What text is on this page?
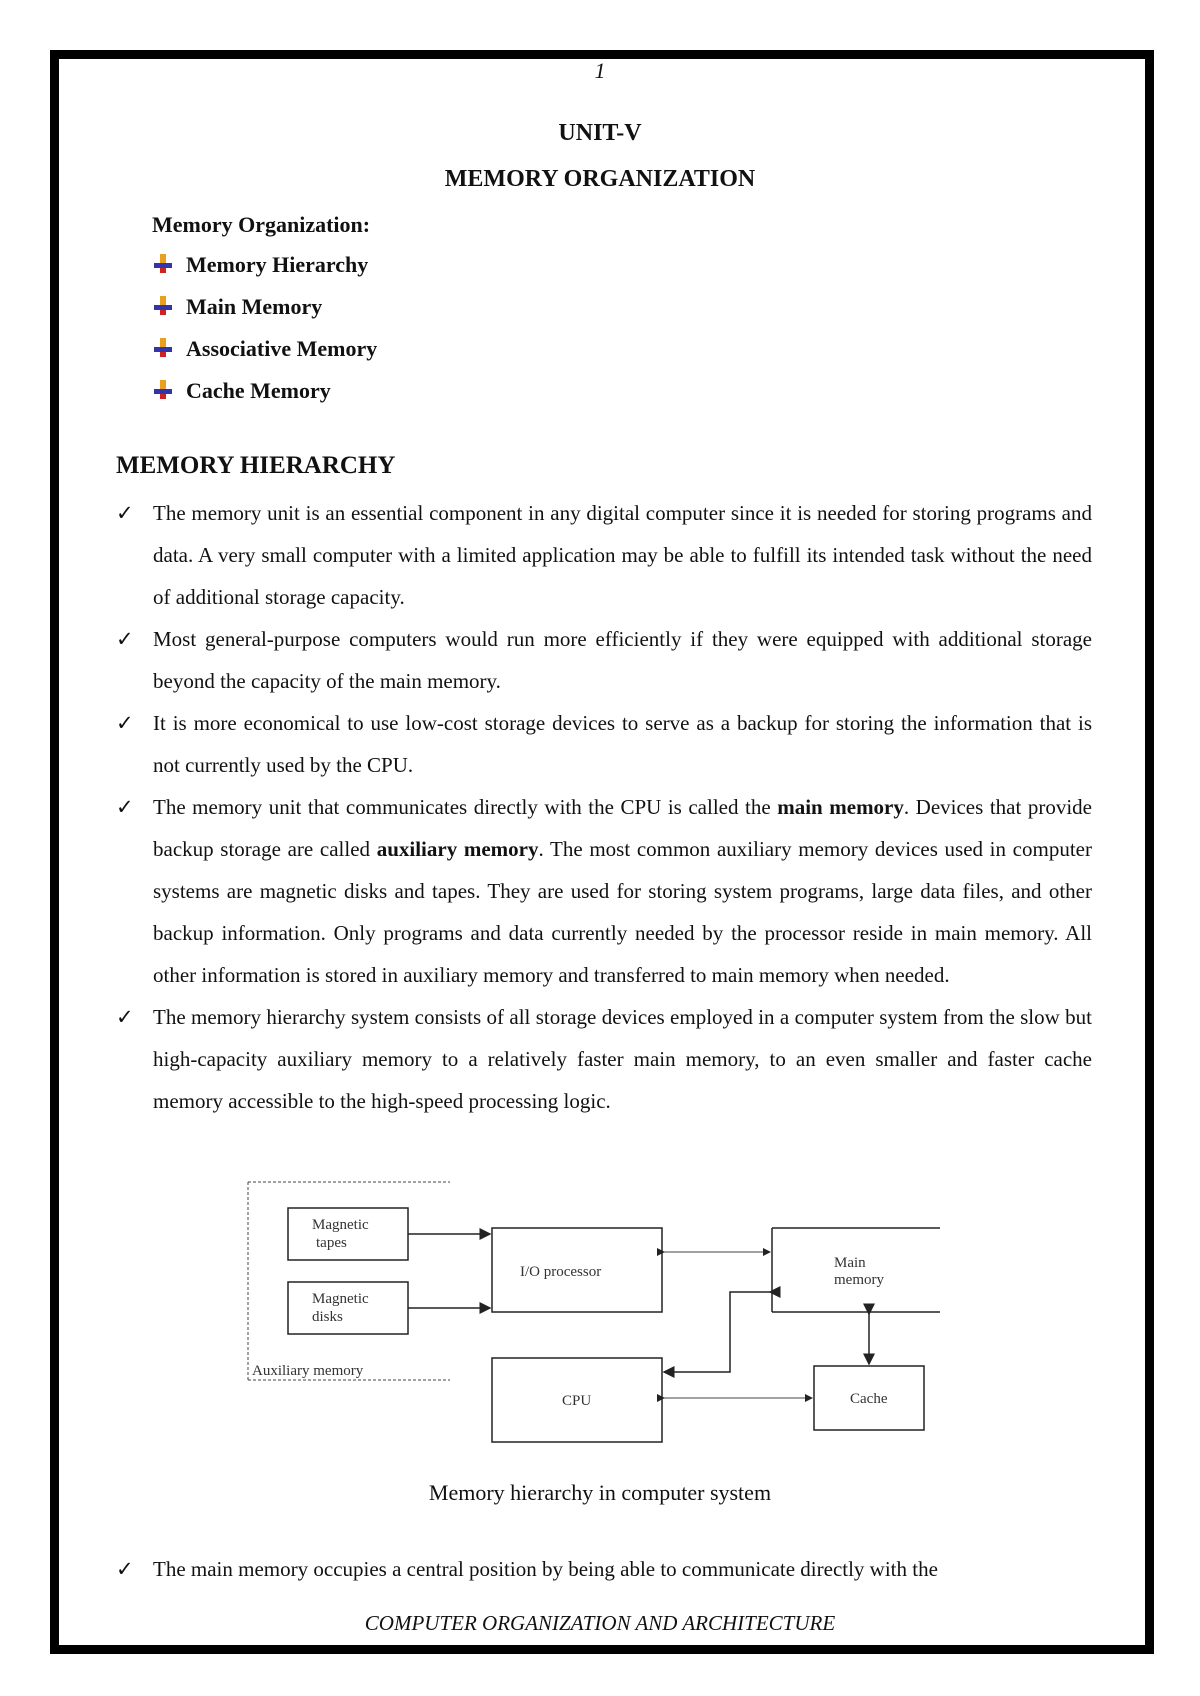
1
UNIT-V
MEMORY ORGANIZATION
Memory Organization:
Memory Hierarchy
Main Memory
Associative Memory
Cache Memory
MEMORY HIERARCHY
✓ The memory unit is an essential component in any digital computer since it is needed for storing programs and data. A very small computer with a limited application may be able to fulfill its intended task without the need of additional storage capacity.
✓ Most general-purpose computers would run more efficiently if they were equipped with additional storage beyond the capacity of the main memory.
✓ It is more economical to use low-cost storage devices to serve as a backup for storing the information that is not currently used by the CPU.
✓ The memory unit that communicates directly with the CPU is called the main memory. Devices that provide backup storage are called auxiliary memory. The most common auxiliary memory devices used in computer systems are magnetic disks and tapes. They are used for storing system programs, large data files, and other backup information. Only programs and data currently needed by the processor reside in main memory. All other information is stored in auxiliary memory and transferred to main memory when needed.
✓ The memory hierarchy system consists of all storage devices employed in a computer system from the slow but high-capacity auxiliary memory to a relatively faster main memory, to an even smaller and faster cache memory accessible to the high-speed processing logic.
Auxiliary memory
Magnetic
tapes
Magnetic
disks
I/O processor
Main
memory
CPU	Cache
Memory hierarchy in computer system
✓ The main memory occupies a central position by being able to communicate directly with the
COMPUTER ORGANIZATION AND ARCHITECTURE
